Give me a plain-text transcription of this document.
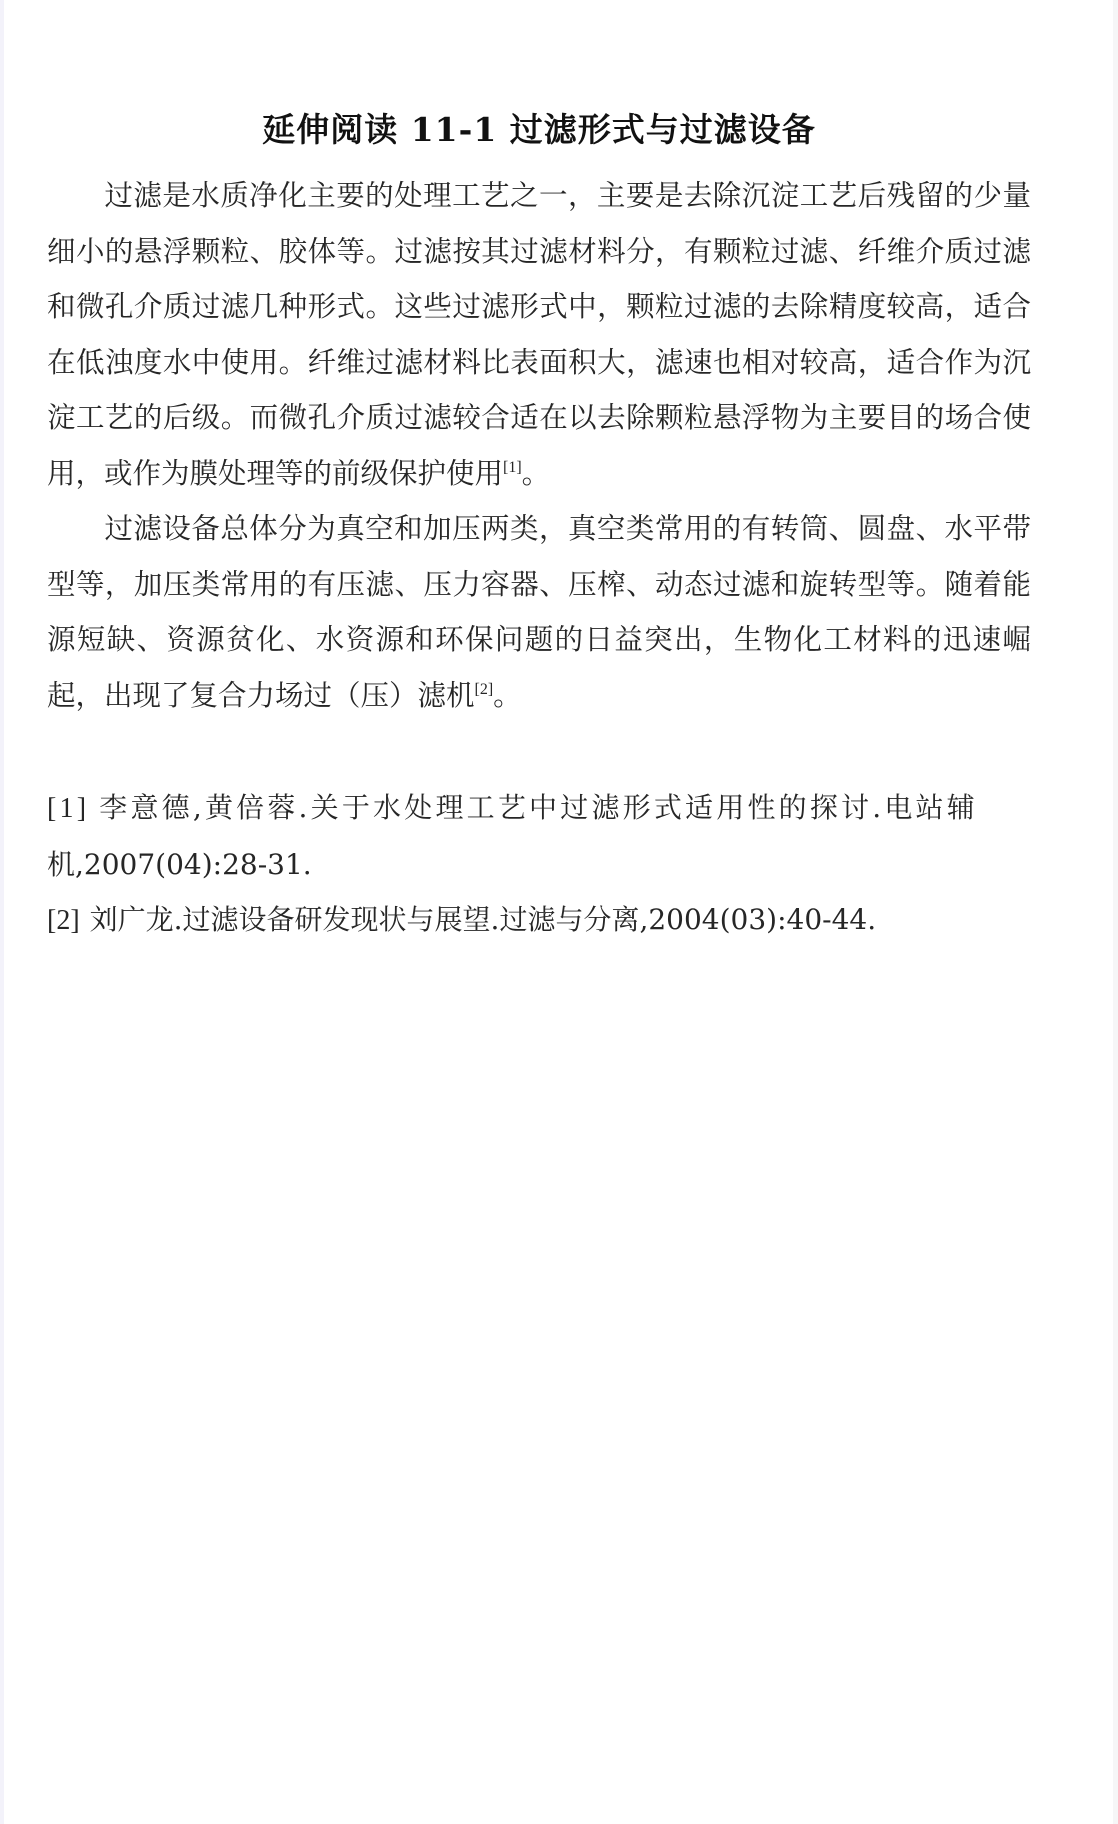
延伸阅读 11-1 过滤形式与过滤设备

过滤是水质净化主要的处理工艺之一，主要是去除沉淀工艺后残留的少量细小的悬浮颗粒、胶体等。过滤按其过滤材料分，有颗粒过滤、纤维介质过滤和微孔介质过滤几种形式。这些过滤形式中，颗粒过滤的去除精度较高，适合在低浊度水中使用。纤维过滤材料比表面积大，滤速也相对较高，适合作为沉淀工艺的后级。而微孔介质过滤较合适在以去除颗粒悬浮物为主要目的场合使用，或作为膜处理等的前级保护使用[1]。

过滤设备总体分为真空和加压两类，真空类常用的有转筒、圆盘、水平带型等，加压类常用的有压滤、压力容器、压榨、动态过滤和旋转型等。随着能源短缺、资源贫化、水资源和环保问题的日益突出，生物化工材料的迅速崛起，出现了复合力场过（压）滤机[2]。

[1] 李意德,黄倍蓉.关于水处理工艺中过滤形式适用性的探讨.电站辅
机,2007(04):28-31.
[2] 刘广龙.过滤设备研发现状与展望.过滤与分离,2004(03):40-44.
